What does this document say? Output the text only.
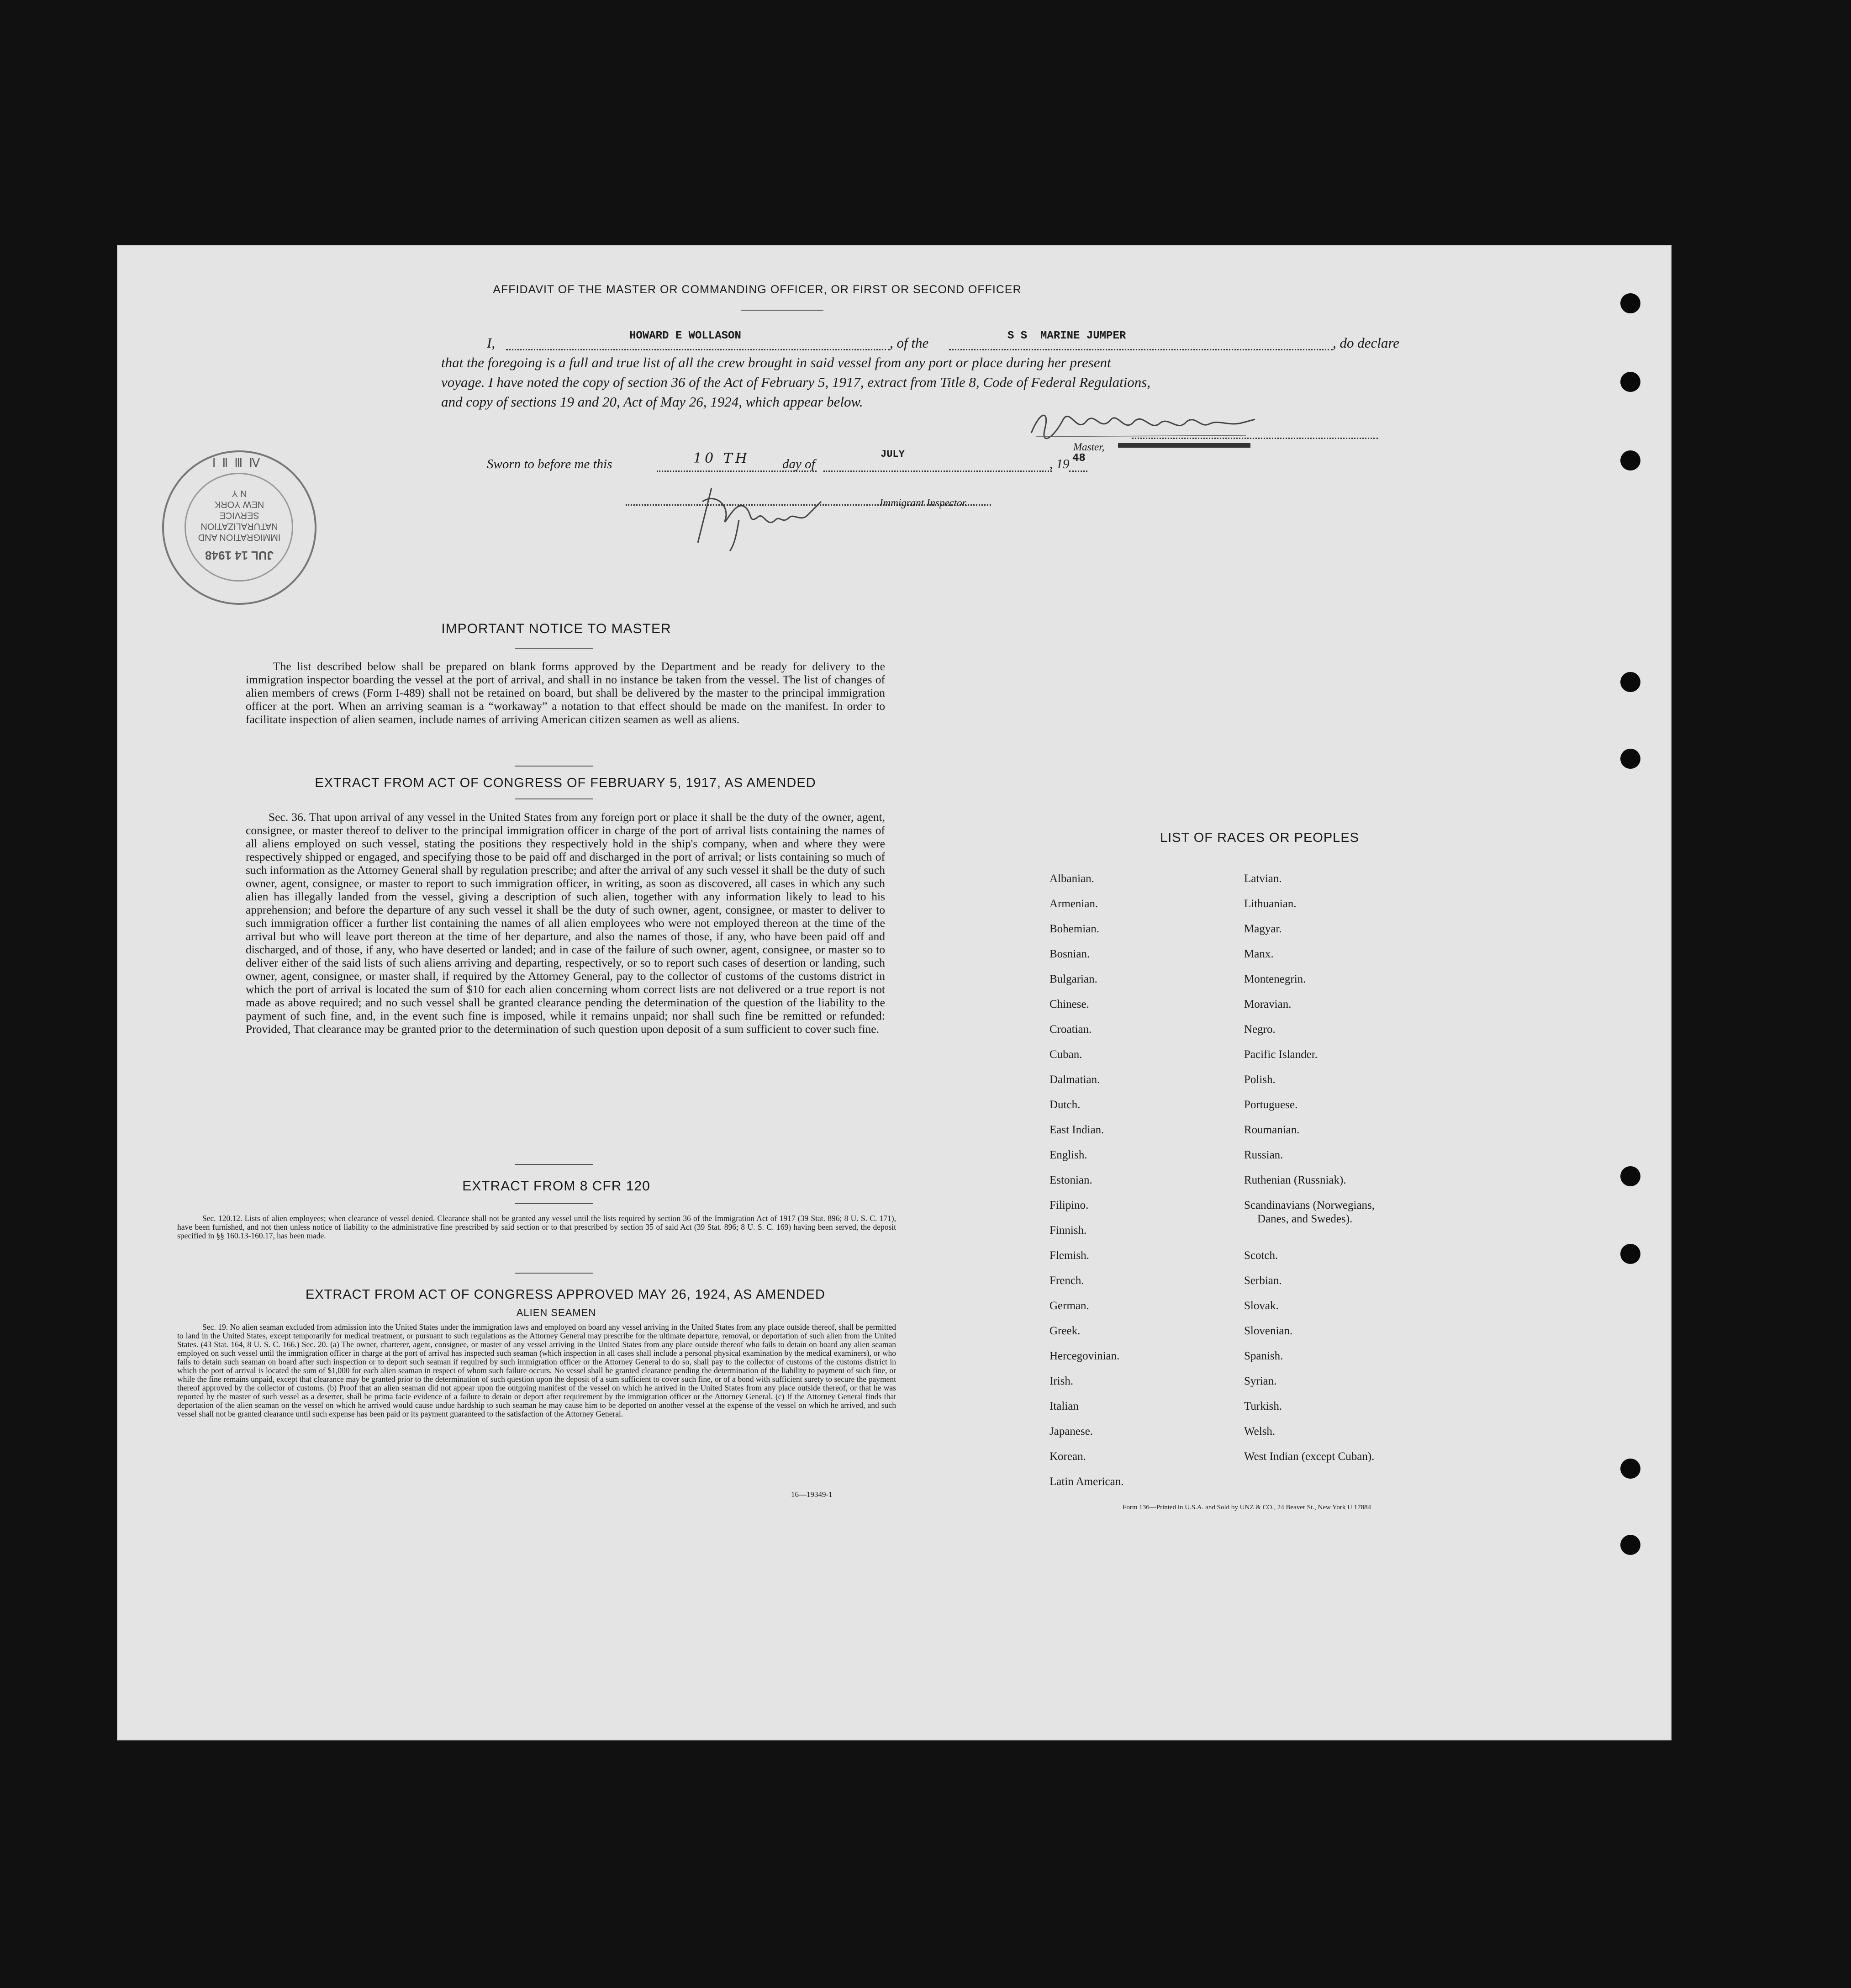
AFFIDAVIT OF THE MASTER OR COMMANDING OFFICER, OR FIRST OR SECOND OFFICER
I,	HOWARD E WOLLASON	, of the	S S  MARINE JUMPER	, do declare
that the foregoing is a full and true list of all the crew brought in said vessel from any port or place during her present
voyage. I have noted the copy of section 36 of the Act of February 5, 1917, extract from Title 8, Code of Federal Regulations,
and copy of sections 19 and 20, Act of May 26, 1924, which appear below.
Master,
Sworn to before me this	10 TH day of
JULY
, 19 48
Immigrant Inspector.
ⅠⅡⅢⅣ
IMMIGRATION AND
NATURALIZATION
SERVICE
NEW YORK
N Y
JUL 14 1948
IMPORTANT NOTICE TO MASTER
The list described below shall be prepared on blank forms approved by the Department and be ready for delivery to the immigration inspector boarding the vessel at the port of arrival, and shall in no instance be taken from the vessel. The list of changes of alien members of crews (Form I-489) shall not be retained on board, but shall be delivered by the master to the principal immigration officer at the port. When an arriving seaman is a “workaway” a notation to that effect should be made on the manifest. In order to facilitate inspection of alien seamen, include names of arriving American citizen seamen as well as aliens.
EXTRACT FROM ACT OF CONGRESS OF FEBRUARY 5, 1917, AS AMENDED
Sec. 36. That upon arrival of any vessel in the United States from any foreign port or place it shall be the duty of the owner, agent, consignee, or master thereof to deliver to the principal immigration officer in charge of the port of arrival lists containing the names of all aliens employed on such vessel, stating the positions they respectively hold in the ship's company, when and where they were respectively shipped or engaged, and specifying those to be paid off and discharged in the port of arrival; or lists containing so much of such information as the Attorney General shall by regulation prescribe; and after the arrival of any such vessel it shall be the duty of such owner, agent, consignee, or master to report to such immigration officer, in writing, as soon as discovered, all cases in which any such alien has illegally landed from the vessel, giving a description of such alien, together with any information likely to lead to his apprehension; and before the departure of any such vessel it shall be the duty of such owner, agent, consignee, or master to deliver to such immigration officer a further list containing the names of all alien employees who were not employed thereon at the time of the arrival but who will leave port thereon at the time of her departure, and also the names of those, if any, who have been paid off and discharged, and of those, if any, who have deserted or landed; and in case of the failure of such owner, agent, consignee, or master so to deliver either of the said lists of such aliens arriving and departing, respectively, or so to report such cases of desertion or landing, such owner, agent, consignee, or master shall, if required by the Attorney General, pay to the collector of customs of the customs district in which the port of arrival is located the sum of $10 for each alien concerning whom correct lists are not delivered or a true report is not made as above required; and no such vessel shall be granted clearance pending the determination of the question of the liability to the payment of such fine, and, in the event such fine is imposed, while it remains unpaid; nor shall such fine be remitted or refunded: Provided, That clearance may be granted prior to the determination of such question upon deposit of a sum sufficient to cover such fine.
EXTRACT FROM 8 CFR 120
Sec. 120.12. Lists of alien employees; when clearance of vessel denied. Clearance shall not be granted any vessel until the lists required by section 36 of the Immigration Act of 1917 (39 Stat. 896; 8 U. S. C. 171), have been furnished, and not then unless notice of liability to the administrative fine prescribed by said section or to that prescribed by section 35 of said Act (39 Stat. 896; 8 U. S. C. 169) having been served, the deposit specified in §§ 160.13-160.17, has been made.
EXTRACT FROM ACT OF CONGRESS APPROVED MAY 26, 1924, AS AMENDED
ALIEN SEAMEN
Sec. 19. No alien seaman excluded from admission into the United States under the immigration laws and employed on board any vessel arriving in the United States from any place outside thereof, shall be permitted to land in the United States, except temporarily for medical treatment, or pursuant to such regulations as the Attorney General may prescribe for the ultimate departure, removal, or deportation of such alien from the United States. (43 Stat. 164, 8 U. S. C. 166.) Sec. 20. (a) The owner, charterer, agent, consignee, or master of any vessel arriving in the United States from any place outside thereof who fails to detain on board any alien seaman employed on such vessel until the immigration officer in charge at the port of arrival has inspected such seaman (which inspection in all cases shall include a personal physical examination by the medical examiners), or who fails to detain such seaman on board after such inspection or to deport such seaman if required by such immigration officer or the Attorney General to do so, shall pay to the collector of customs of the customs district in which the port of arrival is located the sum of $1,000 for each alien seaman in respect of whom such failure occurs. No vessel shall be granted clearance pending the determination of the liability to payment of such fine, or while the fine remains unpaid, except that clearance may be granted prior to the determination of such question upon the deposit of a sum sufficient to cover such fine, or of a bond with sufficient surety to secure the payment thereof approved by the collector of customs. (b) Proof that an alien seaman did not appear upon the outgoing manifest of the vessel on which he arrived in the United States from any place outside thereof, or that he was reported by the master of such vessel as a deserter, shall be prima facie evidence of a failure to detain or deport after requirement by the immigration officer or the Attorney General. (c) If the Attorney General finds that deportation of the alien seaman on the vessel on which he arrived would cause undue hardship to such seaman he may cause him to be deported on another vessel at the expense of the vessel on which he arrived, and such vessel shall not be granted clearance until such expense has been paid or its payment guaranteed to the satisfaction of the Attorney General.
16—19349-1
LIST OF RACES OR PEOPLES
Albanian.
Armenian.
Bohemian.
Bosnian.
Bulgarian.
Chinese.
Croatian.
Cuban.
Dalmatian.
Dutch.
East Indian.
English.
Estonian.
Filipino.
Finnish.
Flemish.
French.
German.
Greek.
Hercegovinian.
Irish.
Italian
Japanese.
Korean.
Latin American.
Latvian.
Lithuanian.
Magyar.
Manx.
Montenegrin.
Moravian.
Negro.
Pacific Islander.
Polish.
Portuguese.
Roumanian.
Russian.
Ruthenian (Russniak).
Scandinavians (Norwegians,
Danes, and Swedes).
Scotch.
Serbian.
Slovak.
Slovenian.
Spanish.
Syrian.
Turkish.
Welsh.
West Indian (except Cuban).
Form 136—Printed in U.S.A. and Sold by UNZ & CO., 24 Beaver St., New York U 17884
